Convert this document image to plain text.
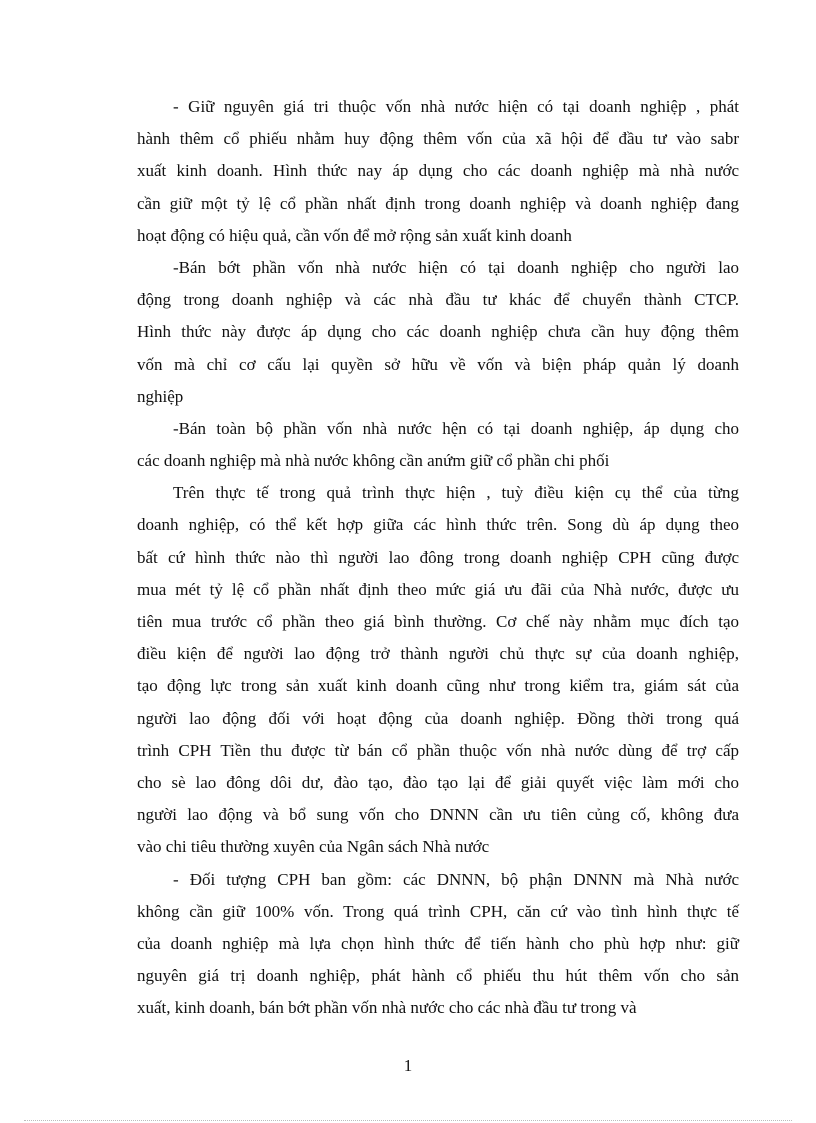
- Giữ nguyên giá tri thuộc vốn nhà nước hiện có tại doanh nghiệp , phát
hành thêm cổ phiếu nhằm huy động thêm vốn của xã hội để đầu tư vào sabr
xuất kinh doanh. Hình thức nay áp dụng cho các doanh nghiệp mà nhà nước
cần giữ một tỷ lệ cổ phần nhất định trong doanh nghiệp và doanh nghiệp đang
hoạt động có hiệu quả, cần vốn để mở rộng sản xuất kinh doanh
-Bán bớt phần vốn nhà nước hiện có tại doanh nghiệp cho người lao
động trong doanh nghiệp và các nhà đầu tư khác để chuyển thành CTCP.
Hình thức này được áp dụng cho các doanh nghiệp chưa cần huy động thêm
vốn mà chỉ cơ cấu lại quyền sở hữu về vốn và biện pháp quản lý doanh
nghiệp
-Bán toàn bộ phần vốn nhà nước hện có tại doanh nghiệp, áp dụng cho
các doanh nghiệp mà nhà nước không cần anứm giữ cổ phần chi phối
Trên thực tế trong quả trình thực hiện , tuỳ điều kiện cụ thể của từng
doanh nghiệp, có thể kết hợp giữa các hình thức trên. Song dù áp dụng theo
bất cứ hình thức nào thì người lao đông trong doanh nghiệp CPH cũng được
mua mét tỷ lệ cổ phần nhất định theo mức giá ưu đãi của Nhà nước, được ưu
tiên mua trước cổ phần theo giá bình thường. Cơ chế này nhằm mục đích tạo
điều kiện để người lao động trở thành người chủ thực sự của doanh nghiệp,
tạo động lực trong sản xuất kinh doanh cũng như trong kiểm tra, giám sát của
người lao động đối với hoạt động của doanh nghiệp. Đồng thời trong quá
trình CPH Tiền thu được từ bán cổ phần thuộc vốn nhà nước dùng để trợ cấp
cho sè lao đông dôi dư, đào tạo, đào tạo lại để giải quyết việc làm mới cho
người lao động và bổ sung vốn cho DNNN cần ưu tiên củng cố, không đưa
vào chi tiêu thường xuyên của Ngân sách Nhà nước
- Đối tượng CPH ban gồm: các DNNN, bộ phận DNNN mà Nhà nước
không cần giữ 100% vốn. Trong quá trình CPH, căn cứ vào tình hình thực tế
của doanh nghiệp mà lựa chọn hình thức để tiến hành cho phù hợp như: giữ
nguyên giá trị doanh nghiệp, phát hành cổ phiếu thu hút thêm vốn cho sản
xuất, kinh doanh, bán bớt phần vốn nhà nước cho các nhà đầu tư trong và
1
